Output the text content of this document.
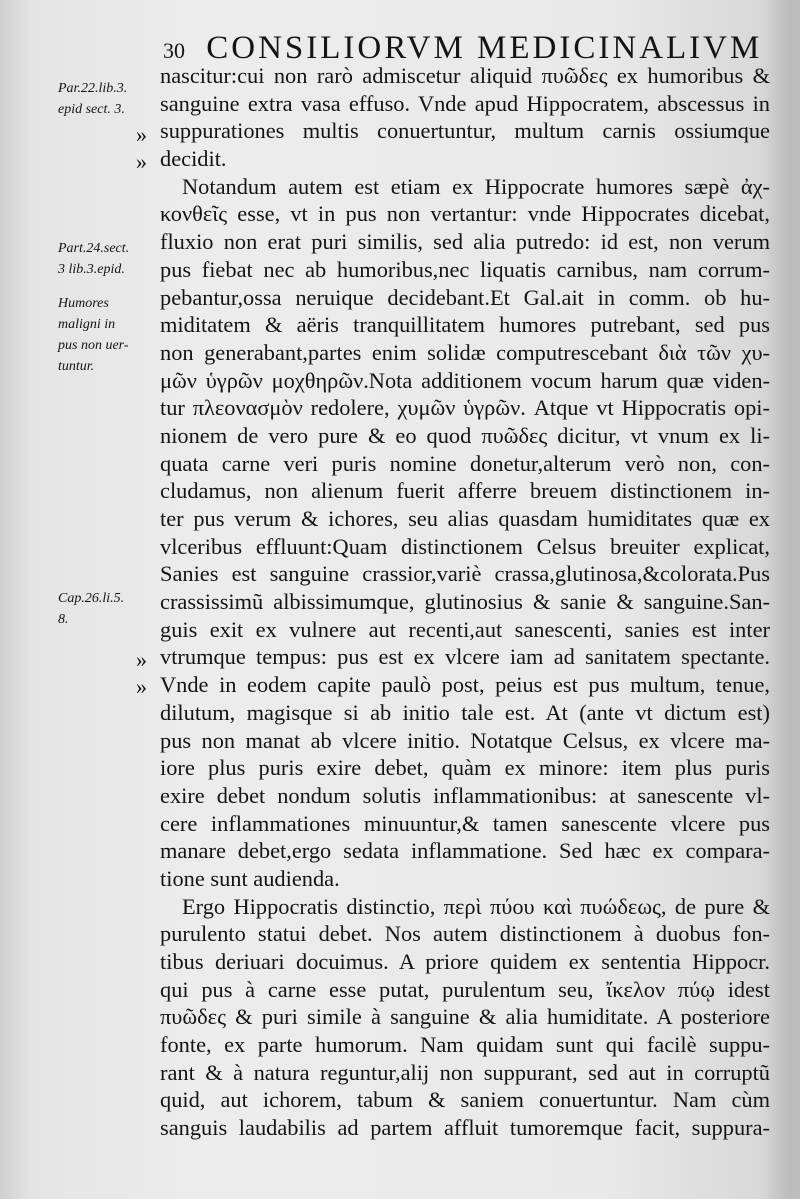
30 CONSILIORVM MEDICINALIVM
Par.22.lib.3.
epid sect. 3.
Part.24.sect.
3 lib.3.epid.
Humores
maligni in
pus non uer-
tuntur.
Cap.26.li.5.
8.
»
»
»
»
nascitur:cui non rarò admiscetur aliquid πυῶδες ex humoribus &
sanguine extra vasa effuso. Vnde apud Hippocratem, abscessus in
suppurationes multis conuertuntur, multum carnis ossiumque
decidit.
Notandum autem est etiam ex Hippocrate humores sæpè ἀχ-
κονθεῖς esse, vt in pus non vertantur: vnde Hippocrates dicebat,
fluxio non erat puri similis, sed alia putredo: id est, non verum
pus fiebat nec ab humoribus,nec liquatis carnibus, nam corrum-
pebantur,ossa neruique decidebant.Et Gal.ait in comm. ob hu-
miditatem & aëris tranquillitatem humores putrebant, sed pus
non generabant,partes enim solidæ computrescebant διὰ τῶν χυ-
μῶν ὑγρῶν μοχθηρῶν.Nota additionem vocum harum quæ viden-
tur πλεονασμὸν redolere, χυμῶν ὑγρῶν. Atque vt Hippocratis opi-
nionem de vero pure & eo quod πυῶδες dicitur, vt vnum ex li-
quata carne veri puris nomine donetur,alterum verò non, con-
cludamus, non alienum fuerit afferre breuem distinctionem in-
ter pus verum & ichores, seu alias quasdam humiditates quæ ex
vlceribus effluunt:Quam distinctionem Celsus breuiter explicat,
Sanies est sanguine crassior,variè crassa,glutinosa,&colorata.Pus
crassissimũ albissimumque, glutinosius & sanie & sanguine.San-
guis exit ex vulnere aut recenti,aut sanescenti, sanies est inter
vtrumque tempus: pus est ex vlcere iam ad sanitatem spectante.
Vnde in eodem capite paulò post, peius est pus multum, tenue,
dilutum, magisque si ab initio tale est. At (ante vt dictum est)
pus non manat ab vlcere initio. Notatque Celsus, ex vlcere ma-
iore plus puris exire debet, quàm ex minore: item plus puris
exire debet nondum solutis inflammationibus: at sanescente vl-
cere inflammationes minuuntur,& tamen sanescente vlcere pus
manare debet,ergo sedata inflammatione. Sed hæc ex compara-
tione sunt audienda.
Ergo Hippocratis distinctio, περὶ πύου καὶ πυώδεως, de pure &
purulento statui debet. Nos autem distinctionem à duobus fon-
tibus deriuari docuimus. A priore quidem ex sententia Hippocr.
qui pus à carne esse putat, purulentum seu, ἴκελον πύῳ idest
πυῶδες & puri simile à sanguine & alia humiditate. A posteriore
fonte, ex parte humorum. Nam quidam sunt qui facilè suppu-
rant & à natura reguntur,alij non suppurant, sed aut in corruptũ
quid, aut ichorem, tabum & saniem conuertuntur. Nam cùm
sanguis laudabilis ad partem affluit tumoremque facit, suppura-
